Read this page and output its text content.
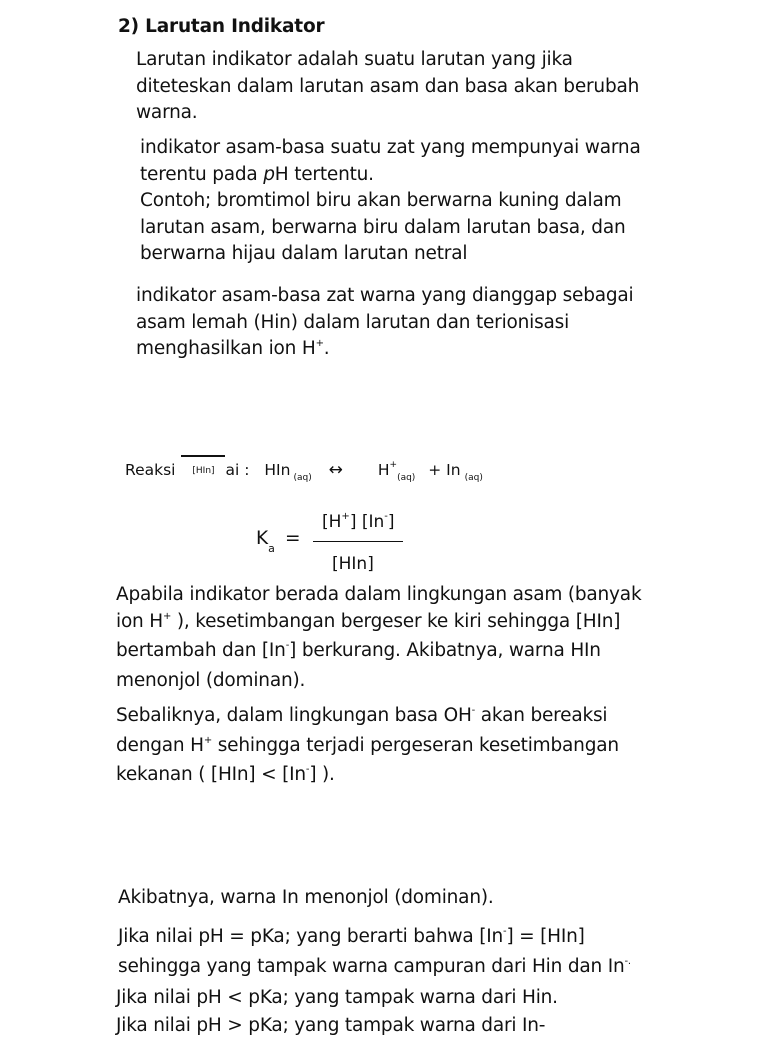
2) Larutan Indikator
Larutan indikator adalah suatu larutan yang jika
diteteskan dalam larutan asam dan basa akan berubah
warna.
indikator asam-basa suatu zat yang mempunyai warna
terentu pada pH tertentu.
Contoh; bromtimol biru akan berwarna kuning dalam
larutan asam, berwarna biru dalam larutan basa, dan
berwarna hijau dalam larutan netral
indikator asam-basa zat warna yang dianggap sebagai
asam lemah (Hin) dalam larutan dan terionisasi
menghasilkan ion H+.
Reaksi [HIn] ai : HIn $_{(aq)}$ ↔ $H^+_{(aq)} + In$ $_{(aq)}$
$K_a$ =
[H+] [In-]
[HIn]
Apabila indikator berada dalam lingkungan asam (banyak
ion H+ ), kesetimbangan bergeser ke kiri sehingga [HIn]
bertambah dan [In-] berkurang. Akibatnya, warna HIn
menonjol (dominan).
Sebaliknya, dalam lingkungan basa OH- akan bereaksi
dengan H+ sehingga terjadi pergeseran kesetimbangan
kekanan ( [HIn] < [In-] ).
Akibatnya, warna In menonjol (dominan).
Jika nilai pH = pKa; yang berarti bahwa [In-] = [HIn]
sehingga yang tampak warna campuran dari Hin dan In-.
Jika nilai pH < pKa; yang tampak warna dari Hin.
Jika nilai pH > pKa; yang tampak warna dari In-
